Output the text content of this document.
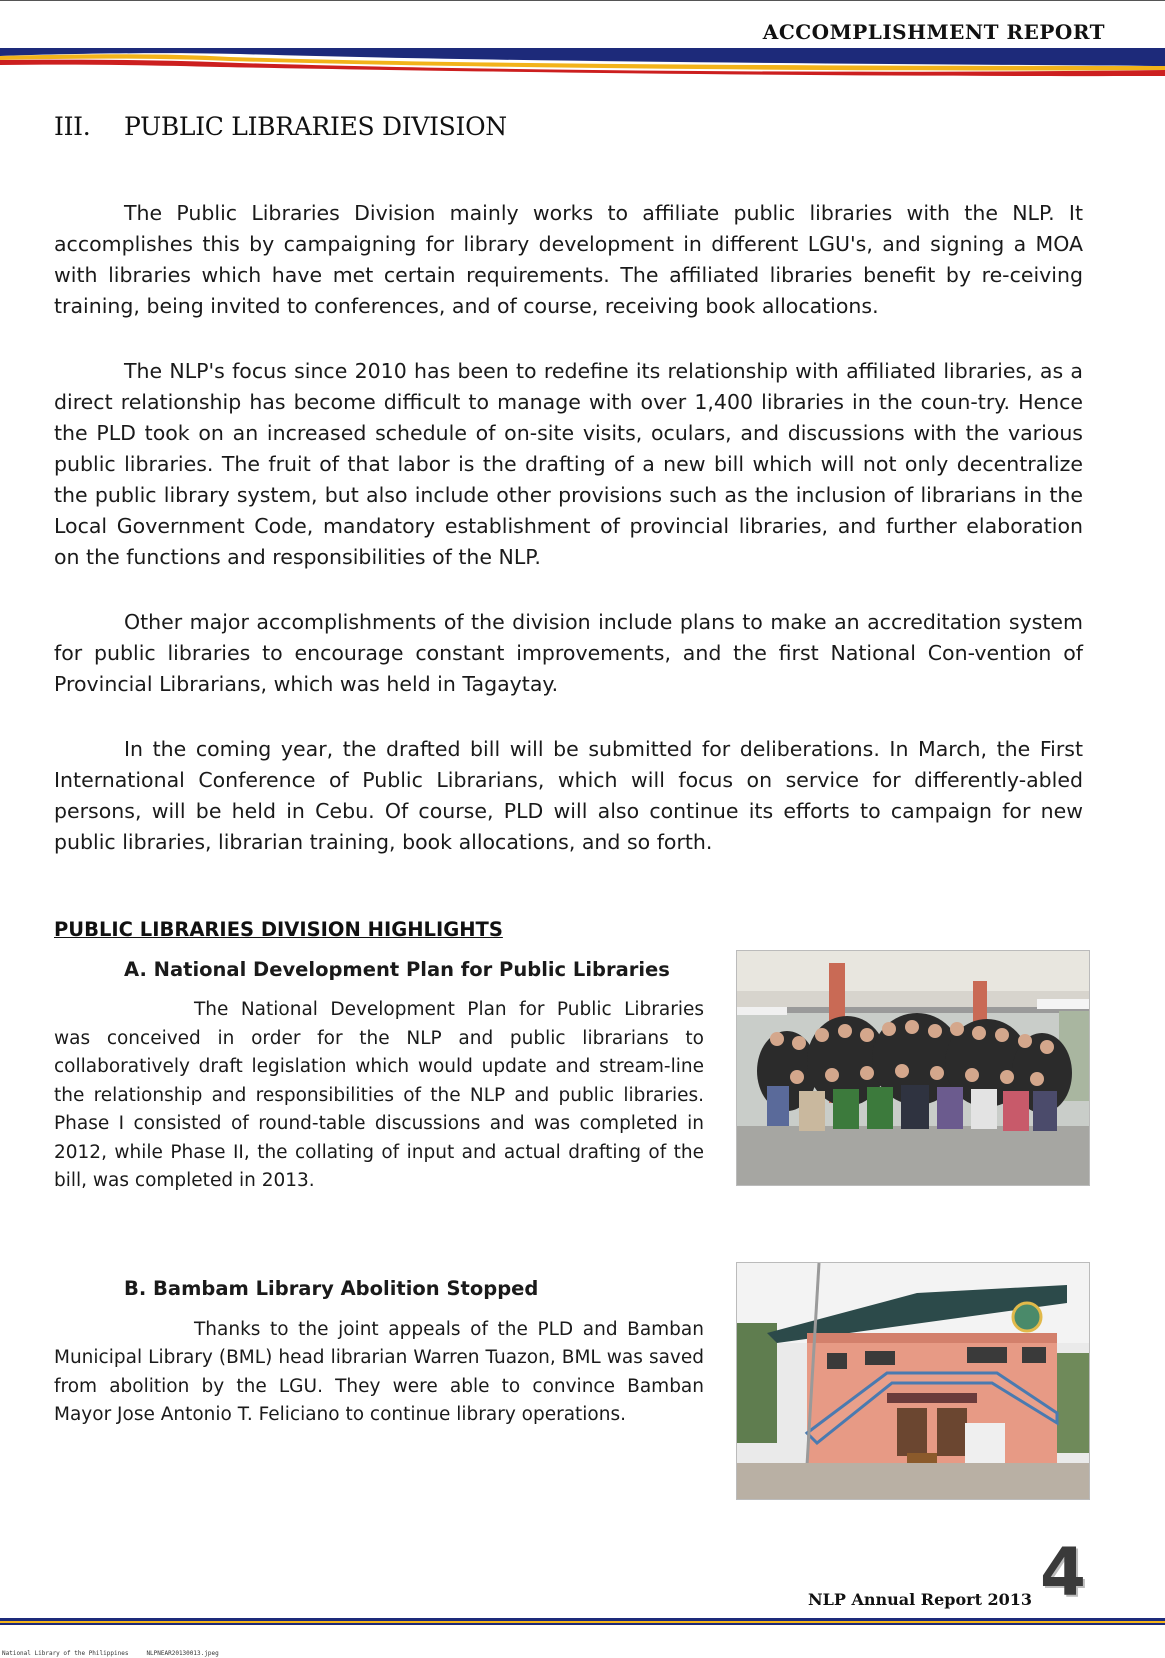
ACCOMPLISHMENT REPORT
III. PUBLIC LIBRARIES DIVISION

The Public Libraries Division mainly works to affiliate public libraries with the NLP. It accomplishes this by campaigning for library development in different LGU's, and signing a MOA with libraries which have met certain requirements. The affiliated libraries benefit by re-ceiving training, being invited to conferences, and of course, receiving book allocations.

The NLP's focus since 2010 has been to redefine its relationship with affiliated libraries, as a direct relationship has become difficult to manage with over 1,400 libraries in the coun-try. Hence the PLD took on an increased schedule of on-site visits, oculars, and discussions with the various public libraries. The fruit of that labor is the drafting of a new bill which will not only decentralize the public library system, but also include other provisions such as the inclusion of librarians in the Local Government Code, mandatory establishment of provincial libraries, and further elaboration on the functions and responsibilities of the NLP.

Other major accomplishments of the division include plans to make an accreditation system for public libraries to encourage constant improvements, and the first National Con-vention of Provincial Librarians, which was held in Tagaytay.

In the coming year, the drafted bill will be submitted for deliberations. In March, the First International Conference of Public Librarians, which will focus on service for differently-abled persons, will be held in Cebu. Of course, PLD will also continue its efforts to campaign for new public libraries, librarian training, book allocations, and so forth.

PUBLIC LIBRARIES DIVISION HIGHLIGHTS

A. National Development Plan for Public Libraries

The National Development Plan for Public Libraries was conceived in order for the NLP and public librarians to collaboratively draft legislation which would update and stream-line the relationship and responsibilities of the NLP and public libraries. Phase I consisted of round-table discussions and was completed in 2012, while Phase II, the collating of input and actual drafting of the bill, was completed in 2013.

B. Bambam Library Abolition Stopped

Thanks to the joint appeals of the PLD and Bamban Municipal Library (BML) head librarian Warren Tuazon, BML was saved from abolition by the LGU. They were able to convince Bamban Mayor Jose Antonio T. Feliciano to continue library operations.

NLP Annual Report 2013 4
National Library of the Philippines	NLPNEAR20130013.jpeg
